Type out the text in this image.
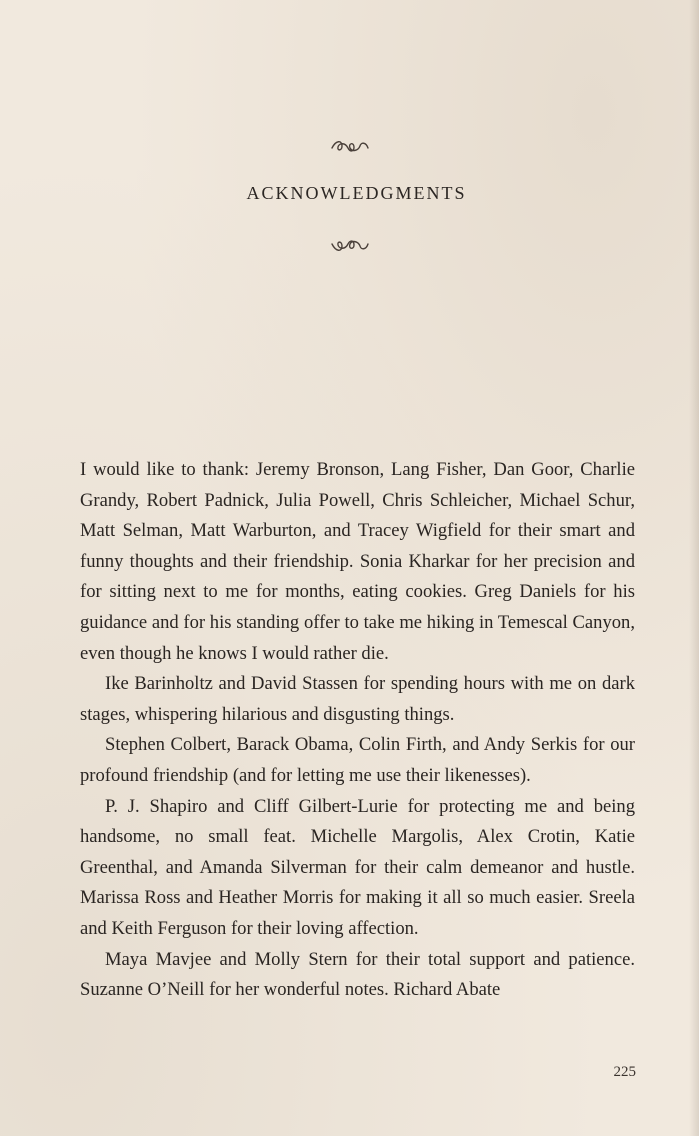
ACKNOWLEDGMENTS

I would like to thank: Jeremy Bronson, Lang Fisher, Dan Goor, Charlie Grandy, Robert Padnick, Julia Powell, Chris Schleicher, Michael Schur, Matt Selman, Matt Warburton, and Tracey Wigfield for their smart and funny thoughts and their friendship. Sonia Kharkar for her precision and for sitting next to me for months, eating cookies. Greg Daniels for his guidance and for his standing offer to take me hiking in Temescal Canyon, even though he knows I would rather die.

Ike Barinholtz and David Stassen for spending hours with me on dark stages, whispering hilarious and disgusting things.

Stephen Colbert, Barack Obama, Colin Firth, and Andy Serkis for our profound friendship (and for letting me use their likenesses).

P. J. Shapiro and Cliff Gilbert-Lurie for protecting me and being handsome, no small feat. Michelle Margolis, Alex Crotin, Katie Greenthal, and Amanda Silverman for their calm demeanor and hustle. Marissa Ross and Heather Morris for making it all so much easier. Sreela and Keith Ferguson for their loving affection.

Maya Mavjee and Molly Stern for their total support and patience. Suzanne O’Neill for her wonderful notes. Richard Abate

225
